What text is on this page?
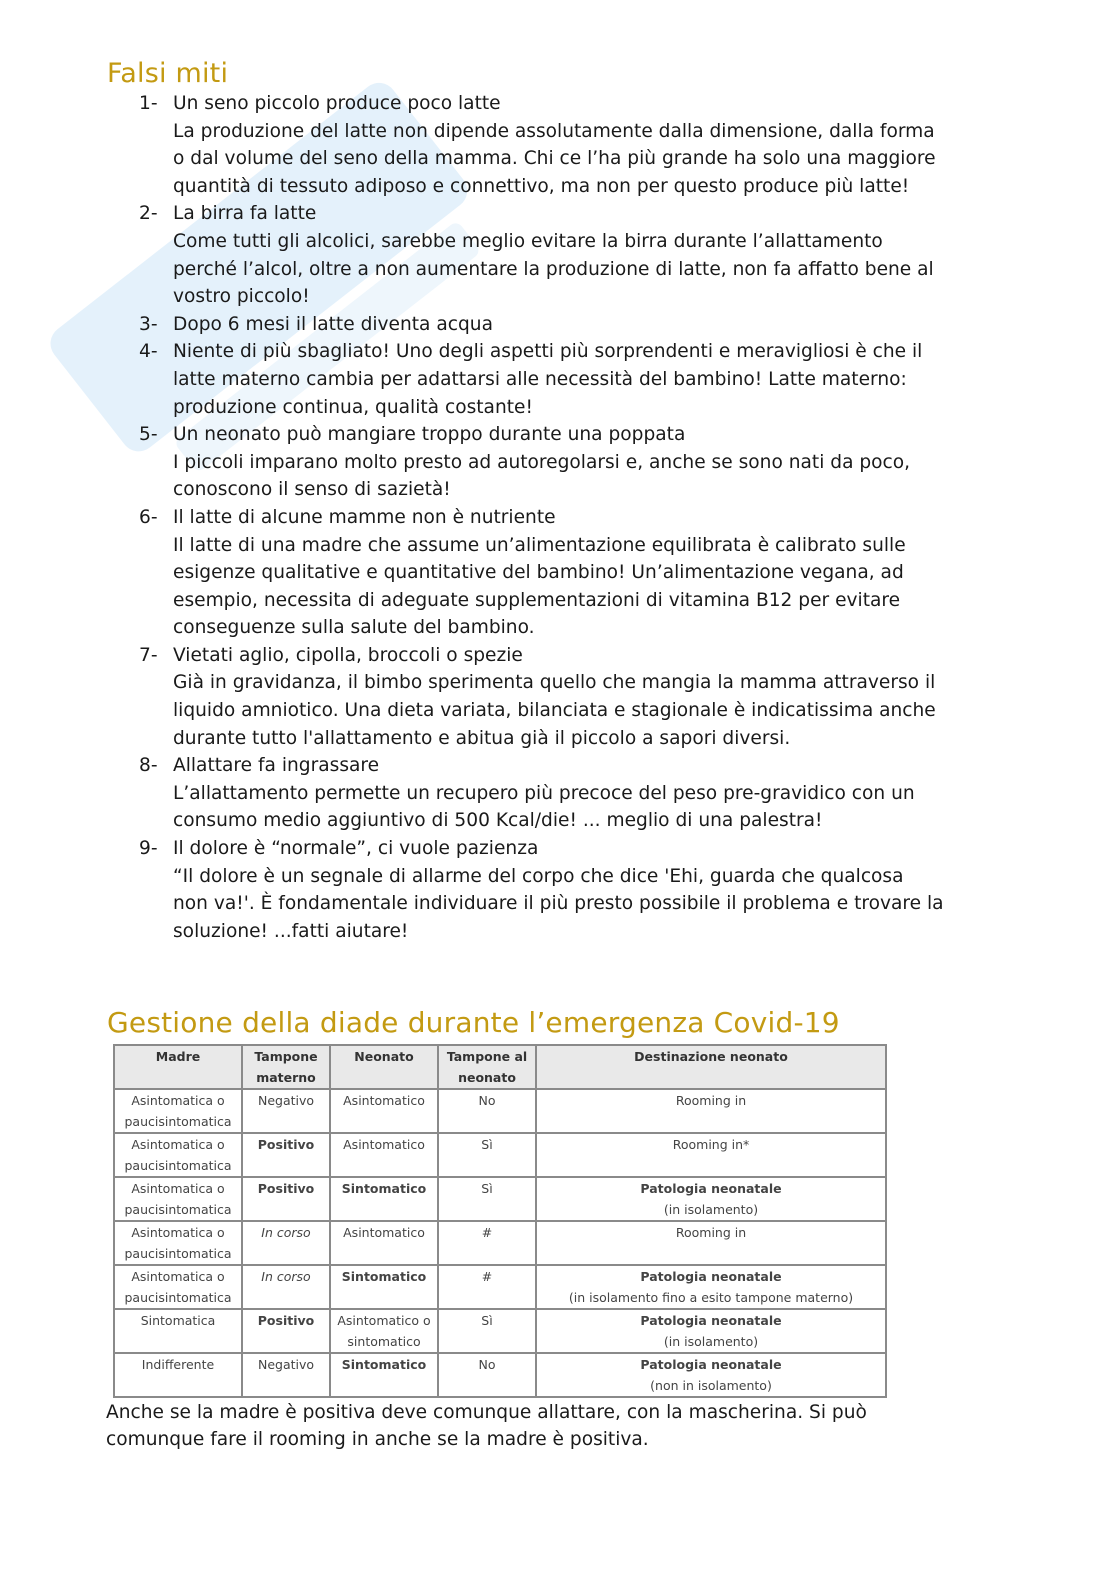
Falsi miti
1- Un seno piccolo produce poco latte
La produzione del latte non dipende assolutamente dalla dimensione, dalla forma
o dal volume del seno della mamma. Chi ce l’ha più grande ha solo una maggiore
quantità di tessuto adiposo e connettivo, ma non per questo produce più latte!
2- La birra fa latte
Come tutti gli alcolici, sarebbe meglio evitare la birra durante l’allattamento
perché l’alcol, oltre a non aumentare la produzione di latte, non fa affatto bene al
vostro piccolo!
3- Dopo 6 mesi il latte diventa acqua
4- Niente di più sbagliato! Uno degli aspetti più sorprendenti e meravigliosi è che il
latte materno cambia per adattarsi alle necessità del bambino! Latte materno:
produzione continua, qualità costante!
5- Un neonato può mangiare troppo durante una poppata
I piccoli imparano molto presto ad autoregolarsi e, anche se sono nati da poco,
conoscono il senso di sazietà!
6- Il latte di alcune mamme non è nutriente
Il latte di una madre che assume un’alimentazione equilibrata è calibrato sulle
esigenze qualitative e quantitative del bambino! Un’alimentazione vegana, ad
esempio, necessita di adeguate supplementazioni di vitamina B12 per evitare
conseguenze sulla salute del bambino.
7- Vietati aglio, cipolla, broccoli o spezie
Già in gravidanza, il bimbo sperimenta quello che mangia la mamma attraverso il
liquido amniotico. Una dieta variata, bilanciata e stagionale è indicatissima anche
durante tutto l'allattamento e abitua già il piccolo a sapori diversi.
8- Allattare fa ingrassare
L’allattamento permette un recupero più precoce del peso pre-gravidico con un
consumo medio aggiuntivo di 500 Kcal/die! ... meglio di una palestra!
9- Il dolore è “normale”, ci vuole pazienza
“Il dolore è un segnale di allarme del corpo che dice 'Ehi, guarda che qualcosa
non va!'. È fondamentale individuare il più presto possibile il problema e trovare la
soluzione! ...fatti aiutare!
Gestione della diade durante l’emergenza Covid-19
Madre	Tampone materno	Neonato	Tampone al neonato	Destinazione neonato

Asintomatica o paucisintomatica	Negativo	Asintomatico	No	Rooming in

Asintomatica o paucisintomatica	Positivo	Asintomatico	Sì	Rooming in*

Asintomatica o paucisintomatica	Positivo	Sintomatico	Sì	Patologia neonatale
(in isolamento)

Asintomatica o paucisintomatica	In corso	Asintomatico	#	Rooming in

Asintomatica o paucisintomatica	In corso	Sintomatico	#	Patologia neonatale
(in isolamento fino a esito tampone materno)

Sintomatica	Positivo	Asintomatico o sintomatico	Sì	Patologia neonatale
(in isolamento)

Indifferente	Negativo	Sintomatico	No	Patologia neonatale
(non in isolamento)
Anche se la madre è positiva deve comunque allattare, con la mascherina. Si può
comunque fare il rooming in anche se la madre è positiva.
